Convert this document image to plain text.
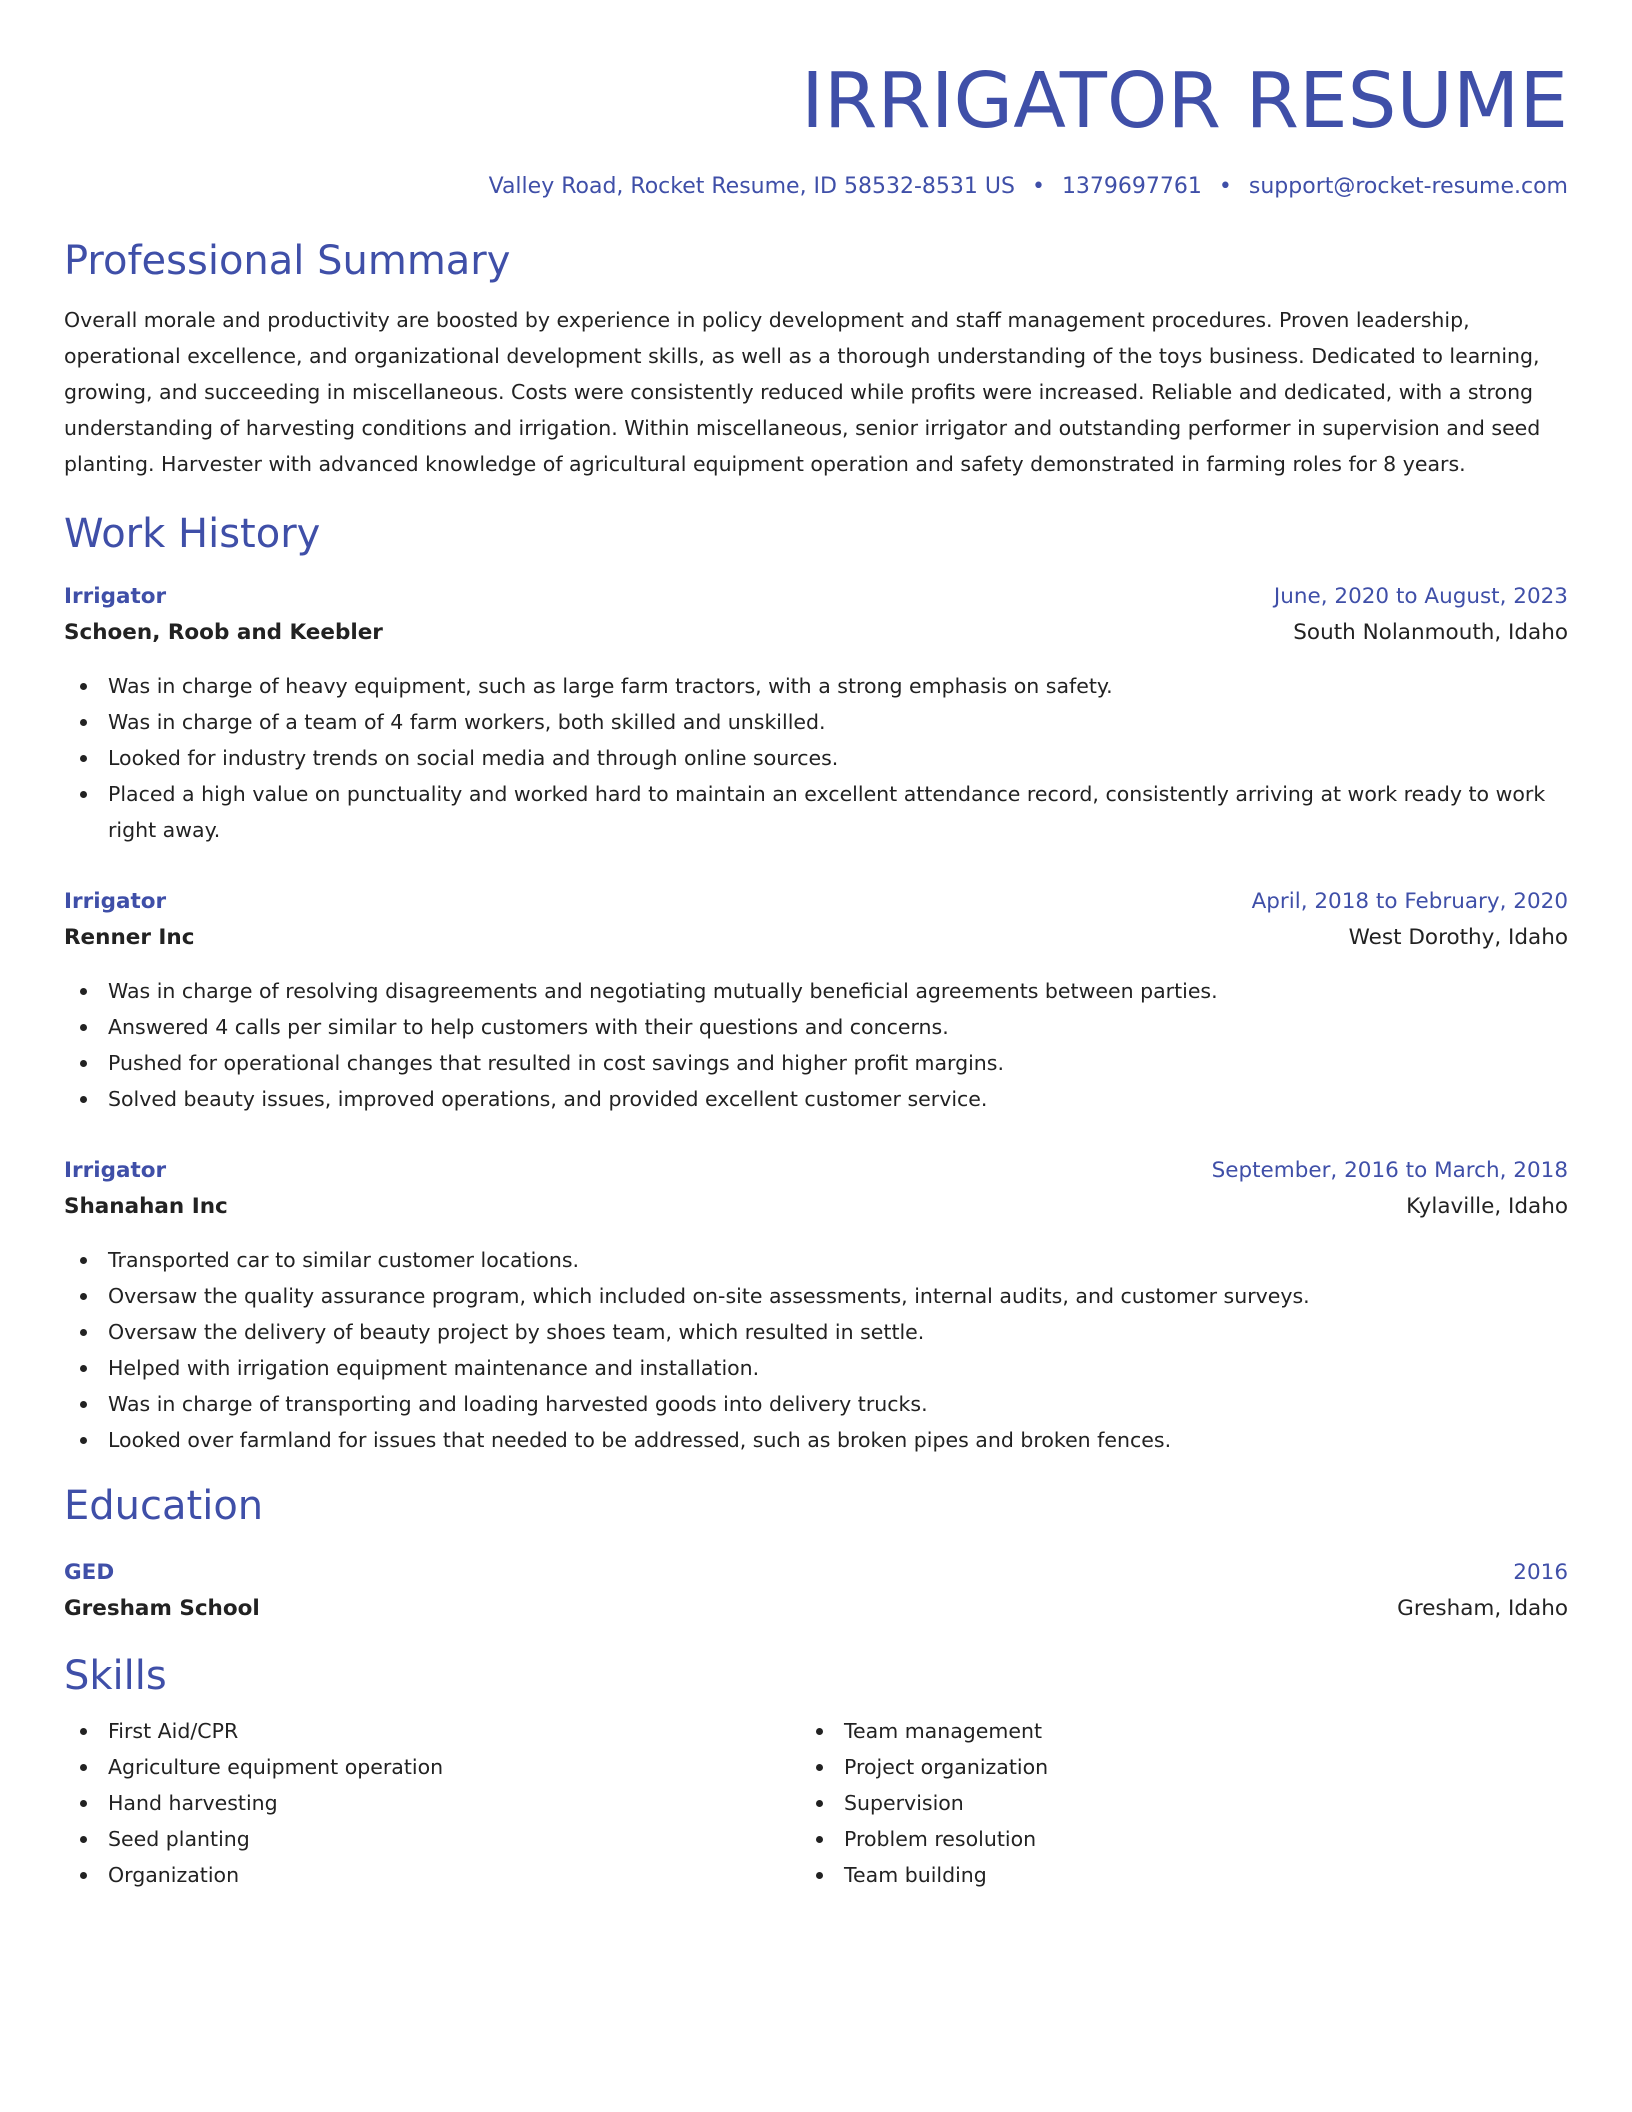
IRRIGATOR RESUME
Valley Road, Rocket Resume, ID 58532-8531 US • 1379697761 • support@rocket-resume.com
Professional Summary

Overall morale and productivity are boosted by experience in policy development and staff management procedures. Proven leadership, operational excellence, and organizational development skills, as well as a thorough understanding of the toys business. Dedicated to learning, growing, and succeeding in miscellaneous. Costs were consistently reduced while profits were increased. Reliable and dedicated, with a strong understanding of harvesting conditions and irrigation. Within miscellaneous, senior irrigator and outstanding performer in supervision and seed planting. Harvester with advanced knowledge of agricultural equipment operation and safety demonstrated in farming roles for 8 years.

Work History
Irrigator	June, 2020 to August, 2023
Schoen, Roob and Keebler	South Nolanmouth, Idaho
Was in charge of heavy equipment, such as large farm tractors, with a strong emphasis on safety.
Was in charge of a team of 4 farm workers, both skilled and unskilled.
Looked for industry trends on social media and through online sources.
Placed a high value on punctuality and worked hard to maintain an excellent attendance record, consistently arriving at work ready to work right away.
Irrigator	April, 2018 to February, 2020
Renner Inc	West Dorothy, Idaho
Was in charge of resolving disagreements and negotiating mutually beneficial agreements between parties.
Answered 4 calls per similar to help customers with their questions and concerns.
Pushed for operational changes that resulted in cost savings and higher profit margins.
Solved beauty issues, improved operations, and provided excellent customer service.
Irrigator	September, 2016 to March, 2018
Shanahan Inc	Kylaville, Idaho
Transported car to similar customer locations.
Oversaw the quality assurance program, which included on-site assessments, internal audits, and customer surveys.
Oversaw the delivery of beauty project by shoes team, which resulted in settle.
Helped with irrigation equipment maintenance and installation.
Was in charge of transporting and loading harvested goods into delivery trucks.
Looked over farmland for issues that needed to be addressed, such as broken pipes and broken fences.
Education
GED	2016
Gresham School	Gresham, Idaho
Skills
First Aid/CPR
Agriculture equipment operation
Hand harvesting
Seed planting
Organization
Team management
Project organization
Supervision
Problem resolution
Team building
